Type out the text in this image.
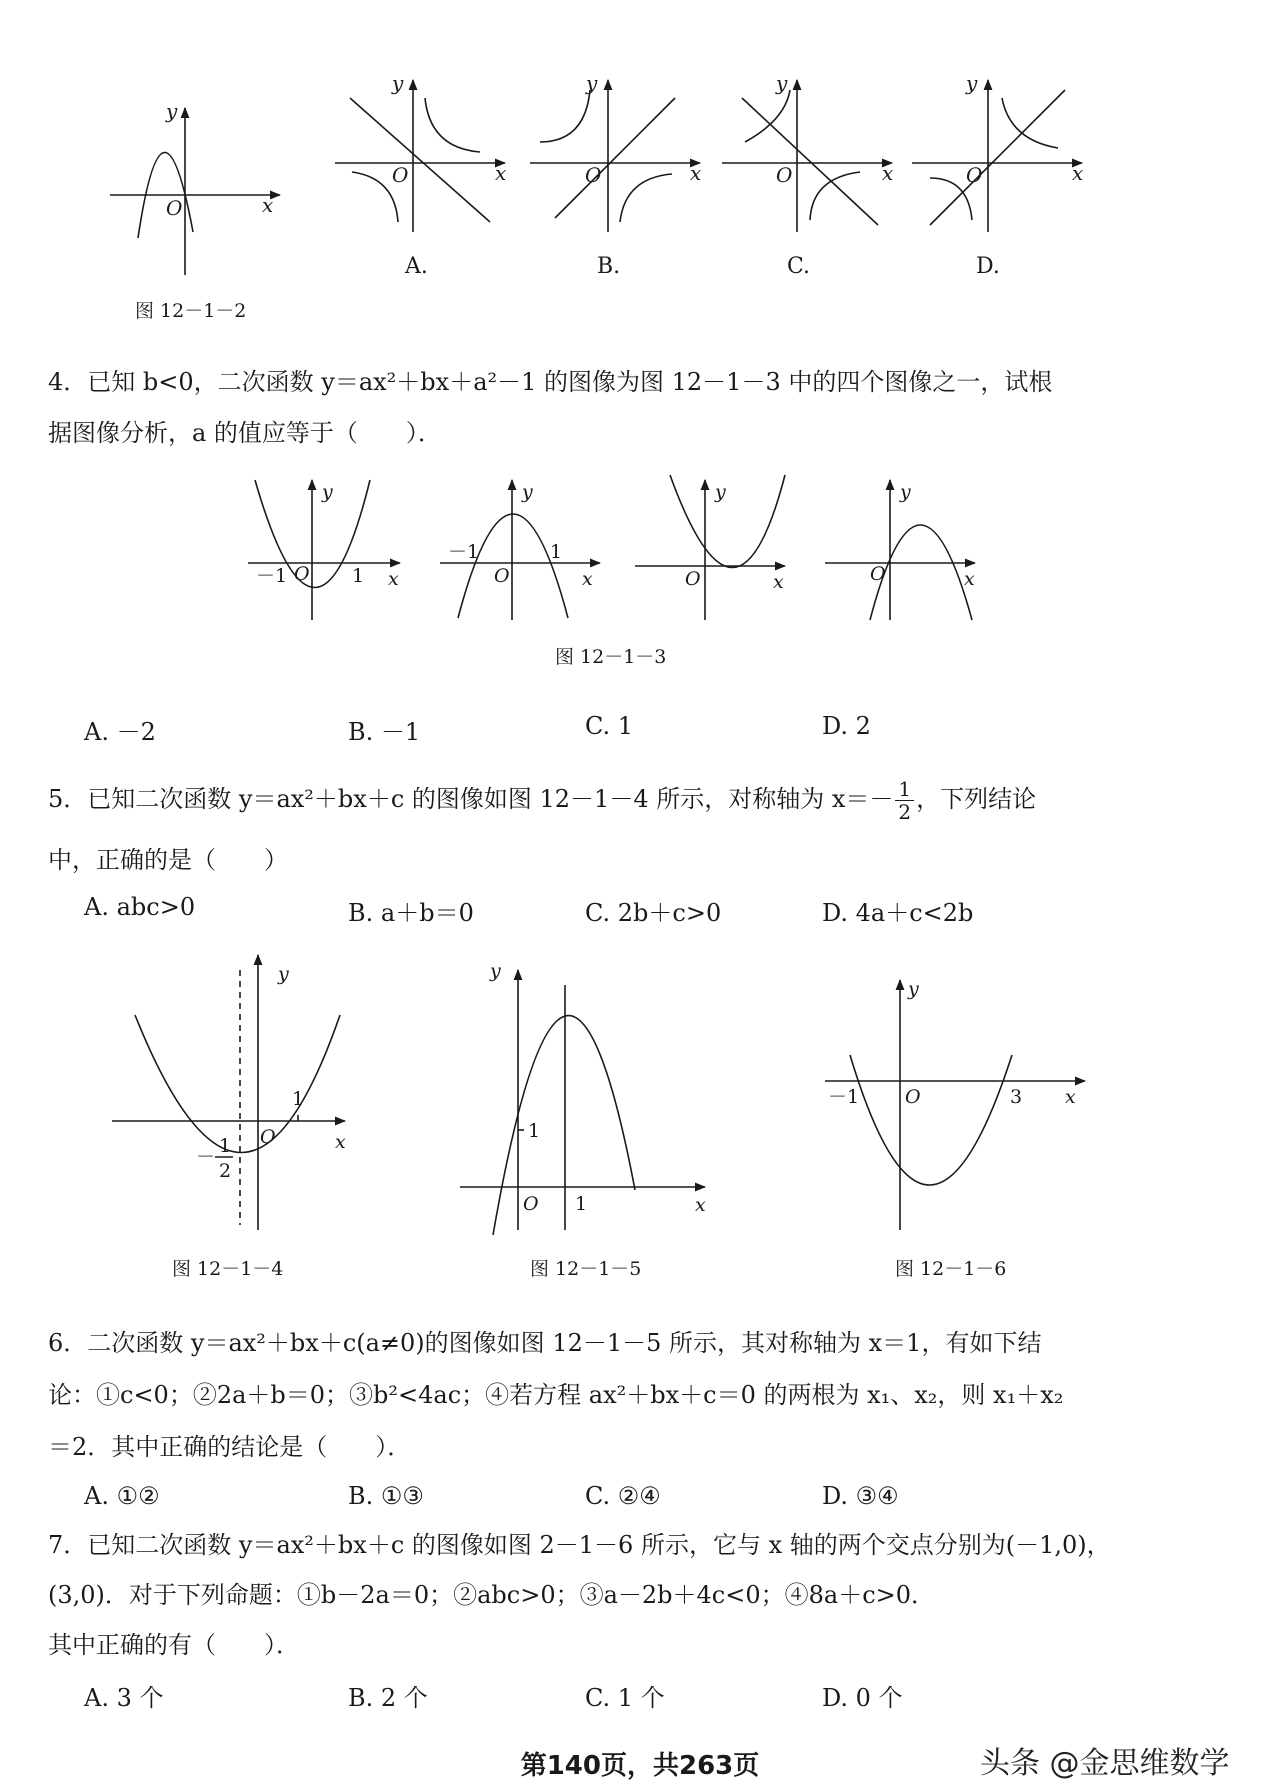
y
x
O
y
x
O
y
x
O
y
x
O
y
x
O
A.	B.	C.	D.
图 12－1－2
4．已知 b<0，二次函数 y＝ax²＋bx＋a²－1 的图像为图 12－1－3 中的四个图像之一，试根
据图像分析，a 的值应等于（　　）．
y
x
O
－1	1
y
x
O
－1	1
y
x
O
y
x
O
图 12－1－3
A. －2	B. －1	C. 1	D. 2
5．已知二次函数 y＝ax²＋bx＋c 的图像如图 12－1－4 所示，对称轴为 $x=- \frac{1}{2}$ ，下列结论
中，正确的是（　　）
A. abc>0	B. a＋b＝0	C. 2b＋c>0	D. 4a＋c<2b
y
x
O
1
－ 1
2
y
x
O 1
1
y
x
O
－1	3
图 12－1－4	图 12－1－5	图 12－1－6
6．二次函数 y＝ax²＋bx＋c(a≠0)的图像如图 12－1－5 所示，其对称轴为 x＝1，有如下结
论：①c<0；②2a＋b＝0；③b²<4ac；④若方程 ax²＋bx＋c＝0 的两根为 x₁、x₂，则 x₁＋x₂
＝2．其中正确的结论是（　　）．
A. ①②	B. ①③	C. ②④	D. ③④
7．已知二次函数 y＝ax²＋bx＋c 的图像如图 2－1－6 所示，它与 x 轴的两个交点分别为(－1,0)，
(3,0)．对于下列命题：①b－2a＝0；②abc>0；③a－2b＋4c<0；④8a＋c>0．
其中正确的有（　　）．
A. 3 个	B. 2 个	C. 1 个	D. 0 个
第140页，共263页	头条 @金思维数学
